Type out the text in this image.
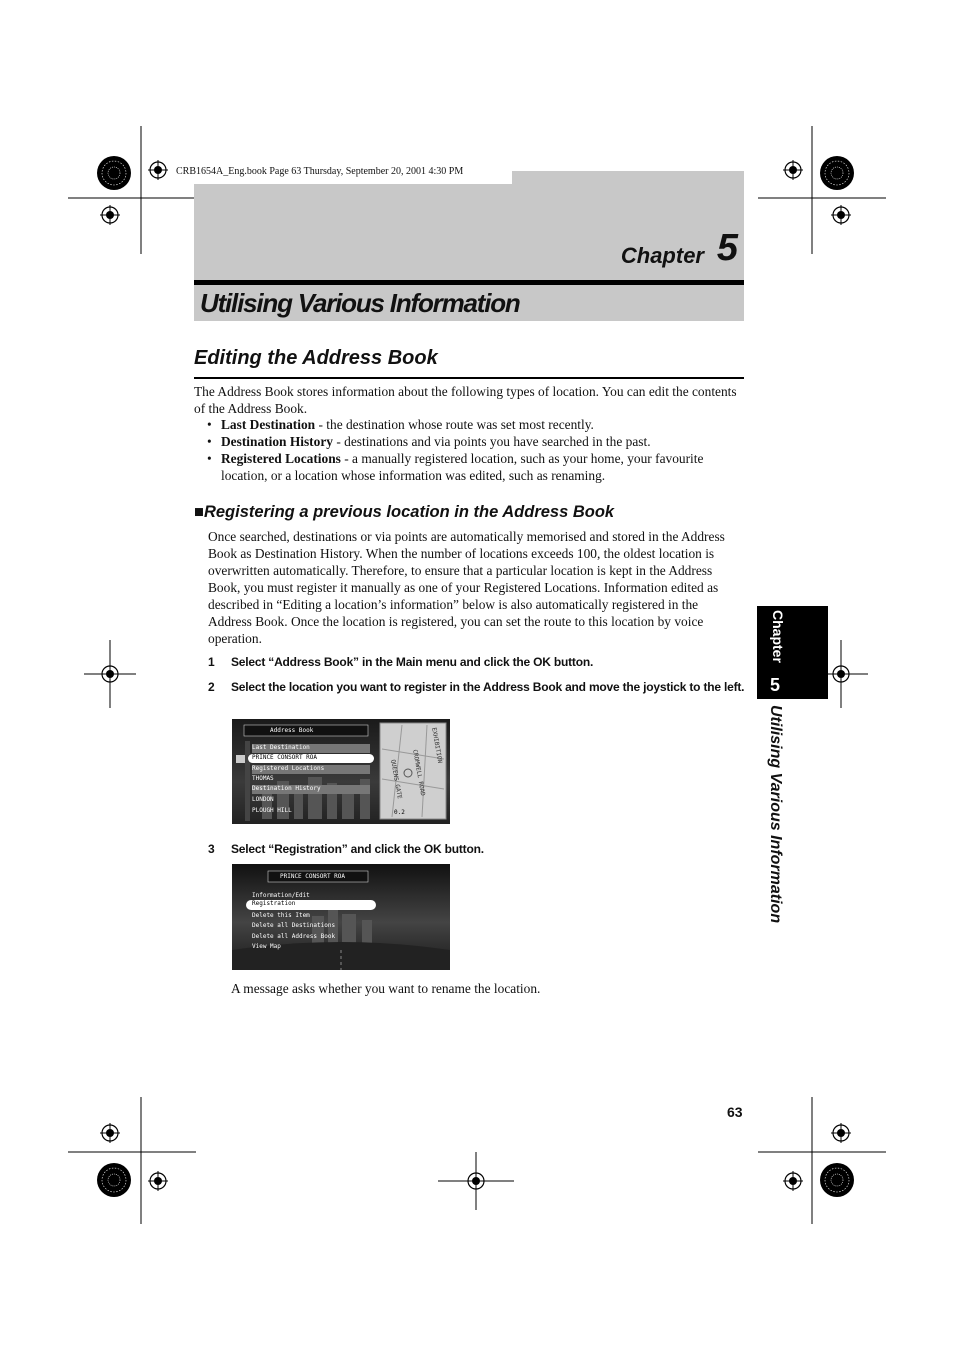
Chapter 5
CRB1654A_Eng.book Page 63 Thursday, September 20, 2001 4:30 PM
Utilising Various Information
Editing the Address Book
The Address Book stores information about the following types of location. You can edit the contents of the Address Book.
• Last Destination - the destination whose route was set most recently.
• Destination History - destinations and via points you have searched in the past.
• Registered Locations - a manually registered location, such as your home, your favourite location, or a location whose information was edited, such as renaming.
■Registering a previous location in the Address Book
Once searched, destinations or via points are automatically memorised and stored in the Address Book as Destination History. When the number of locations exceeds 100, the oldest location is overwritten automatically. Therefore, to ensure that a particular location is kept in the Address Book, you must register it manually as one of your Registered Locations. Information edited as described in “Editing a location’s information” below is also automatically registered in the Address Book. Once the location is registered, you can set the route to this location by voice operation.
1 Select “Address Book” in the Main menu and click the OK button.
2 Select the location you want to register in the Address Book and move the joystick to the left.
Address Book
Last Destination
PRINCE CONSORT ROA
Registered Locations
THOMAS
Destination History
LONDON
PLOUGH HILL
CROMWELL ROAD
QUEENS GATE
EXHIBITION
0.2
3 Select “Registration” and click the OK button.
PRINCE CONSORT ROA
Information/Edit
Registration
Delete this Item
Delete all Destinations
Delete all Address Book
View Map
A message asks whether you want to rename the location.
Chapter
5
Utilising Various Information
63
